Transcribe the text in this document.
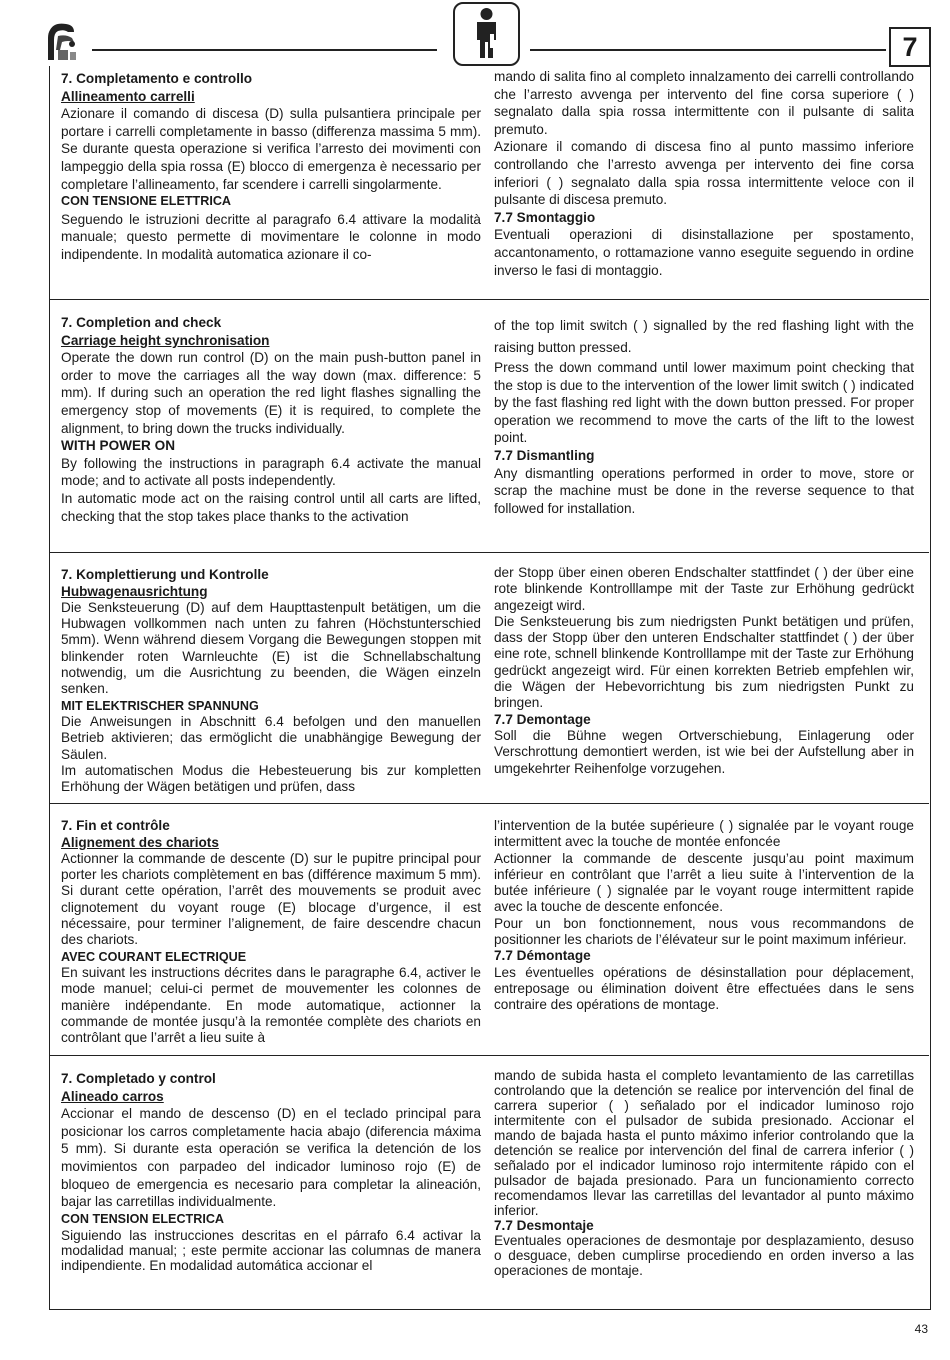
7

7. Completamento e controllo

Allineamento carrelli

Azionare il comando di discesa (D) sulla pulsantiera principale per portare i carrelli completamente in basso (differenza massima 5 mm). Se durante questa operazione si verifica l’arresto dei movimenti con lampeggio della spia rossa (E) blocco di emergenza è necessario per completare l’allineamento, far scendere i carrelli singolarmente.

CON TENSIONE ELETTRICA

Seguendo le istruzioni decritte al paragrafo 6.4 attivare la modalità manuale; questo permette di movimentare le colonne in modo indipendente. In modalità automatica azionare il co-

mando di salita fino al completo innalzamento dei carrelli controllando che l’arresto avvenga per intervento del fine corsa superiore ( ) segnalato dalla spia rossa intermittente con il pulsante di salita premuto.

Azionare il comando di discesa fino al punto massimo inferiore controllando che l’arresto avvenga per intervento dei fine corsa inferiori ( ) segnalato dalla spia rossa intermittente veloce con il pulsante di discesa premuto.

7.7 Smontaggio

Eventuali operazioni di disinstallazione per spostamento, accantonamento, o rottamazione vanno eseguite seguendo in ordine inverso le fasi di montaggio.

7. Completion and check

Carriage height synchronisation

Operate the down run control (D) on the main push-button panel in order to move the carriages all the way down (max. difference: 5 mm). If during such an operation the red light flashes signalling the emergency stop of movements (E) it is required, to complete the alignment, to bring down the trucks individually.

WITH POWER ON

By following the instructions in paragraph 6.4 activate the manual mode; and to activate all posts independently.

In automatic mode act on the raising control until all carts are lifted, checking that the stop takes place thanks to the activation

of the top limit switch ( ) signalled by the red flashing light with the raising button pressed.

Press the down command until lower maximum point checking that the stop is due to the intervention of the lower limit switch ( ) indicated by the fast flashing red light with the down button pressed. For proper operation we recommend to move the carts of the lift to the lowest point.

7.7 Dismantling

Any dismantling operations performed in order to move, store or scrap the machine must be done in the reverse sequence to that followed for installation.

7. Komplettierung und Kontrolle

Hubwagenausrichtung

Die Senksteuerung (D) auf dem Haupttastenpult betätigen, um die Hubwagen vollkommen nach unten zu fahren (Höchstunterschied 5mm). Wenn während diesem Vorgang die Bewegungen stoppen mit blinkender roten Warnleuchte (E) ist die Schnellabschaltung notwendig, um die Ausrichtung zu beenden, die Wägen einzeln senken.

MIT ELEKTRISCHER SPANNUNG

Die Anweisungen in Abschnitt 6.4 befolgen und den manuellen Betrieb aktivieren; das ermöglicht die unabhängige Bewegung der Säulen.

Im automatischen Modus die Hebesteuerung bis zur kompletten Erhöhung der Wägen betätigen und prüfen, dass

der Stopp über einen oberen Endschalter stattfindet ( ) der über eine rote blinkende Kontrolllampe mit der Taste zur Erhöhung gedrückt angezeigt wird.

Die Senksteuerung bis zum niedrigsten Punkt betätigen und prüfen, dass der Stopp über den unteren Endschalter stattfindet ( ) der über eine rote, schnell blinkende Kontrolllampe mit der Taste zur Erhöhung gedrückt angezeigt wird. Für einen korrekten Betrieb empfehlen wir, die Wägen der Hebevorrichtung bis zum niedrigsten Punkt zu bringen.

7.7 Demontage

Soll die Bühne wegen Ortverschiebung, Einlagerung oder Verschrottung demontiert werden, ist wie bei der Aufstellung aber in umgekehrter Reihenfolge vorzugehen.

7. Fin et contrôle

Alignement des chariots

Actionner la commande de descente (D) sur le pupitre principal pour porter les chariots complètement en bas (différence maximum 5 mm). Si durant cette opération, l’arrêt des mouvements se produit avec clignotement du voyant rouge (E) blocage d’urgence, il est nécessaire, pour terminer l’alignement, de faire descendre chacun des chariots.

AVEC COURANT ELECTRIQUE

En suivant les instructions décrites dans le paragraphe 6.4, activer le mode manuel; celui-ci permet de mouvementer les colonnes de manière indépendante. En mode automatique, actionner la commande de montée jusqu’à la remontée complète des chariots en contrôlant que l’arrêt a lieu suite à

l’intervention de la butée supérieure ( ) signalée par le voyant rouge intermittent avec la touche de montée enfoncée

Actionner la commande de descente jusqu’au point maximum inférieur en contrôlant que l’arrêt a lieu suite à l’intervention de la butée inférieure ( ) signalée par le voyant rouge intermittent rapide avec la touche de descente enfoncée.

Pour un bon fonctionnement, nous vous recommandons de positionner les chariots de l’élévateur sur le point maximum inférieur.

7.7 Démontage

Les éventuelles opérations de désinstallation pour déplacement, entreposage ou élimination doivent être effectuées dans le sens contraire des opérations de montage.

7. Completado y control

Alineado carros

Accionar el mando de descenso (D) en el teclado principal para posicionar los carros completamente hacia abajo (diferencia máxima 5 mm). Si durante esta operación se verifica la detención de los movimientos con parpadeo del indicador luminoso rojo (E) de bloqueo de emergencia es necesario para completar la alineación, bajar las carretillas individualmente.

CON TENSION ELECTRICA

Siguiendo las instrucciones descritas en el párrafo 6.4 activar la modalidad manual; ; este permite accionar las columnas de manera indipendiente. En modalidad automática accionar el

mando de subida hasta el completo levantamiento de las carretillas controlando que la detención se realice por intervención del final de carrera superior ( ) señalado por el indicador luminoso rojo intermitente con el pulsador de subida presionado. Accionar el mando de bajada hasta el punto máximo inferior controlando que la detención se realice por intervención del final de carrera inferior ( ) señalado por el indicador luminoso rojo intermitente rápido con el pulsador de bajada presionado. Para un funcionamiento correcto recomendamos llevar las carretillas del levantador al punto máximo inferior.

7.7 Desmontaje

Eventuales operaciones de desmontaje por desplazamiento, desuso o desguace, deben cumplirse procediendo en orden inverso a las operaciones de montaje.

43
